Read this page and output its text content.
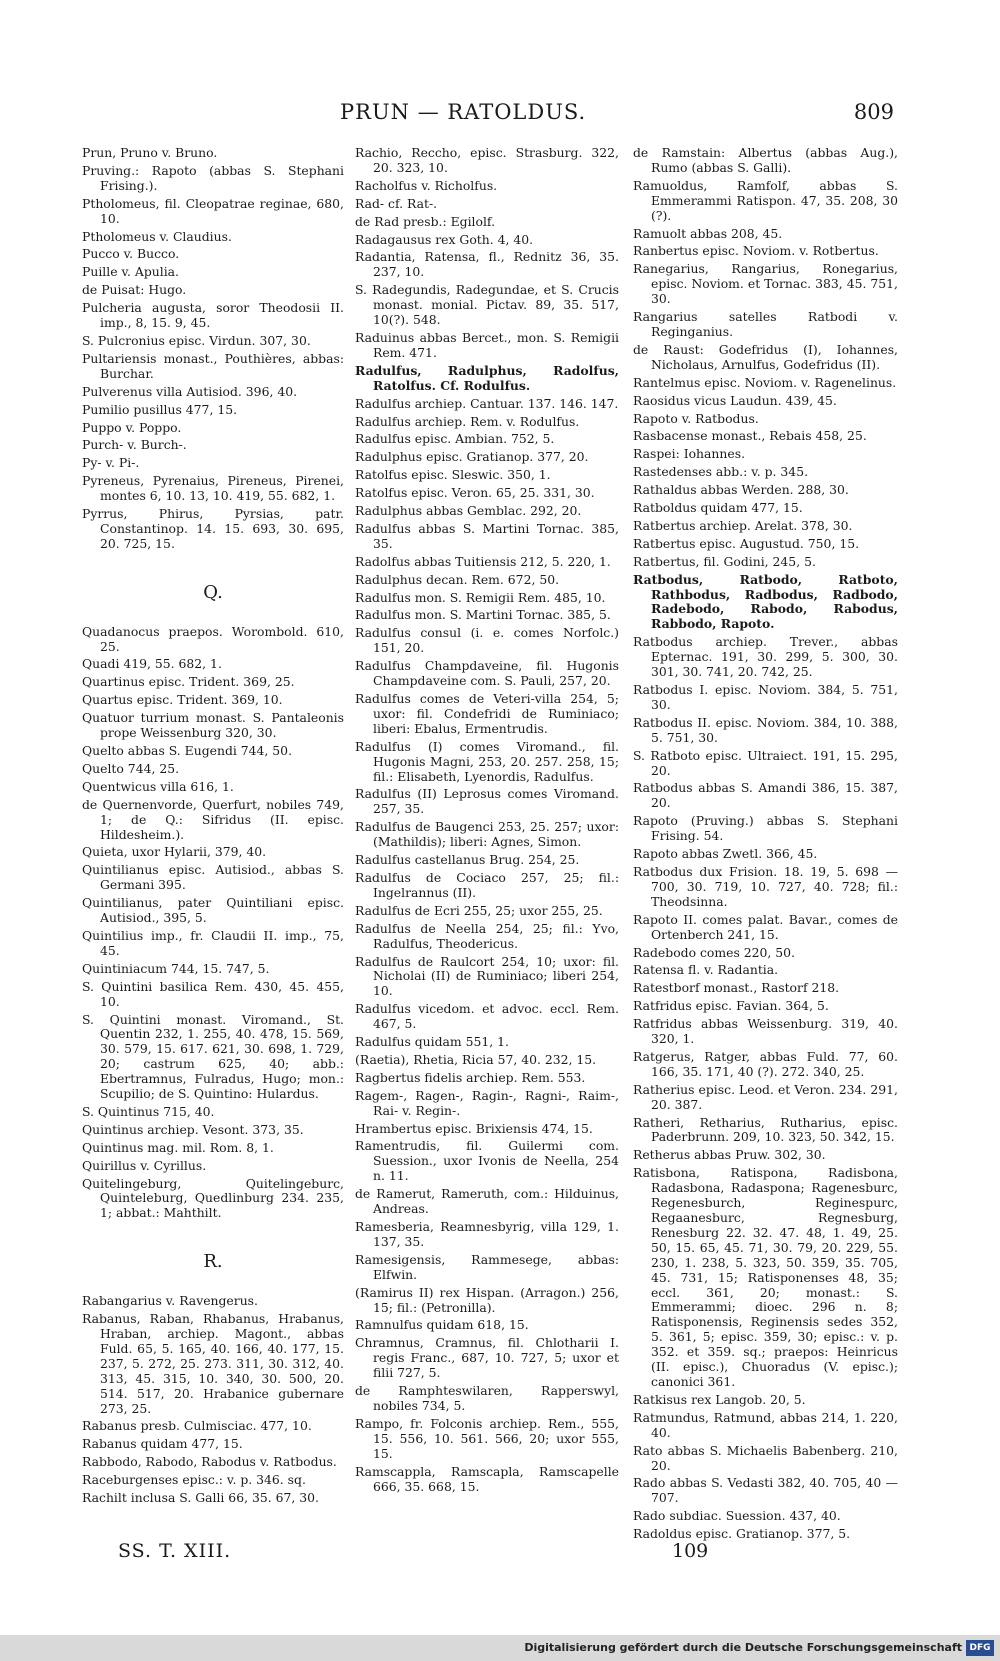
PRUN — RATOLDUS.	809

Prun, Pruno v. Bruno.

Pruving.: Rapoto (abbas S. Stephani Frising.).

Ptholomeus, fil. Cleopatrae reginae, 680, 10.

Ptholomeus v. Claudius.

Pucco v. Bucco.

Puille v. Apulia.

de Puisat: Hugo.

Pulcheria augusta, soror Theodosii II. imp., 8, 15. 9, 45.

S. Pulcronius episc. Virdun. 307, 30.

Pultariensis monast., Pouthières, abbas: Burchar.

Pulverenus villa Autisiod. 396, 40.

Pumilio pusillus 477, 15.

Puppo v. Poppo.

Purch- v. Burch-.

Py- v. Pi-.

Pyreneus, Pyrenaius, Pireneus, Pirenei, montes 6, 10. 13, 10. 419, 55. 682, 1.

Pyrrus, Phirus, Pyrsias, patr. Constantinop. 14. 15. 693, 30. 695, 20. 725, 15.

Q.

Quadanocus praepos. Worombold. 610, 25.

Quadi 419, 55. 682, 1.

Quartinus episc. Trident. 369, 25.

Quartus episc. Trident. 369, 10.

Quatuor turrium monast. S. Pantaleonis prope Weissenburg 320, 30.

Quelto abbas S. Eugendi 744, 50.

Quelto 744, 25.

Quentwicus villa 616, 1.

de Quernenvorde, Querfurt, nobiles 749, 1; de Q.: Sifridus (II. episc. Hildesheim.).

Quieta, uxor Hylarii, 379, 40.

Quintilianus episc. Autisiod., abbas S. Germani 395.

Quintilianus, pater Quintiliani episc. Autisiod., 395, 5.

Quintilius imp., fr. Claudii II. imp., 75, 45.

Quintiniacum 744, 15. 747, 5.

S. Quintini basilica Rem. 430, 45. 455, 10.

S. Quintini monast. Viromand., St. Quentin 232, 1. 255, 40. 478, 15. 569, 30. 579, 15. 617. 621, 30. 698, 1. 729, 20; castrum 625, 40; abb.: Ebertramnus, Fulradus, Hugo; mon.: Scupilio; de S. Quintino: Hulardus.

S. Quintinus 715, 40.

Quintinus archiep. Vesont. 373, 35.

Quintinus mag. mil. Rom. 8, 1.

Quirillus v. Cyrillus.

Quitelingeburg, Quitelingeburc, Quinteleburg, Quedlinburg 234. 235, 1; abbat.: Mahthilt.

R.

Rabangarius v. Ravengerus.

Rabanus, Raban, Rhabanus, Hrabanus, Hraban, archiep. Magont., abbas Fuld. 65, 5. 165, 40. 166, 40. 177, 15. 237, 5. 272, 25. 273. 311, 30. 312, 40. 313, 45. 315, 10. 340, 30. 500, 20. 514. 517, 20. Hrabanice gubernare 273, 25.

Rabanus presb. Culmisciac. 477, 10.

Rabanus quidam 477, 15.

Rabbodo, Rabodo, Rabodus v. Ratbodus.

Raceburgenses episc.: v. p. 346. sq.

Rachilt inclusa S. Galli 66, 35. 67, 30.

Rachio, Reccho, episc. Strasburg. 322, 20. 323, 10.

Racholfus v. Richolfus.

Rad- cf. Rat-.

de Rad presb.: Egilolf.

Radagausus rex Goth. 4, 40.

Radantia, Ratensa, fl., Rednitz 36, 35. 237, 10.

S. Radegundis, Radegundae, et S. Crucis monast. monial. Pictav. 89, 35. 517, 10(?). 548.

Raduinus abbas Bercet., mon. S. Remigii Rem. 471.

Radulfus, Radulphus, Radolfus, Ratolfus. Cf. Rodulfus.

Radulfus archiep. Cantuar. 137. 146. 147.

Radulfus archiep. Rem. v. Rodulfus.

Radulfus episc. Ambian. 752, 5.

Radulphus episc. Gratianop. 377, 20.

Ratolfus episc. Sleswic. 350, 1.

Ratolfus episc. Veron. 65, 25. 331, 30.

Radulphus abbas Gemblac. 292, 20.

Radulfus abbas S. Martini Tornac. 385, 35.

Radolfus abbas Tuitiensis 212, 5. 220, 1.

Radulphus decan. Rem. 672, 50.

Radulfus mon. S. Remigii Rem. 485, 10.

Radulfus mon. S. Martini Tornac. 385, 5.

Radulfus consul (i. e. comes Norfolc.) 151, 20.

Radulfus Champdaveine, fil. Hugonis Champdaveine com. S. Pauli, 257, 20.

Radulfus comes de Veteri-villa 254, 5; uxor: fil. Condefridi de Ruminiaco; liberi: Ebalus, Ermentrudis.

Radulfus (I) comes Viromand., fil. Hugonis Magni, 253, 20. 257. 258, 15; fil.: Elisabeth, Lyenordis, Radulfus.

Radulfus (II) Leprosus comes Viromand. 257, 35.

Radulfus de Baugenci 253, 25. 257; uxor: (Mathildis); liberi: Agnes, Simon.

Radulfus castellanus Brug. 254, 25.

Radulfus de Cociaco 257, 25; fil.: Ingelrannus (II).

Radulfus de Ecri 255, 25; uxor 255, 25.

Radulfus de Neella 254, 25; fil.: Yvo, Radulfus, Theodericus.

Radulfus de Raulcort 254, 10; uxor: fil. Nicholai (II) de Ruminiaco; liberi 254, 10.

Radulfus vicedom. et advoc. eccl. Rem. 467, 5.

Radulfus quidam 551, 1.

(Raetia), Rhetia, Ricia 57, 40. 232, 15.

Ragbertus fidelis archiep. Rem. 553.

Ragem-, Ragen-, Ragin-, Ragni-, Raim-, Rai- v. Regin-.

Hrambertus episc. Brixiensis 474, 15.

Ramentrudis, fil. Guilermi com. Suession., uxor Ivonis de Neella, 254 n. 11.

de Ramerut, Rameruth, com.: Hilduinus, Andreas.

Ramesberia, Reamnesbyrig, villa 129, 1. 137, 35.

Ramesigensis, Rammesege, abbas: Elfwin.

(Ramirus II) rex Hispan. (Arragon.) 256, 15; fil.: (Petronilla).

Ramnulfus quidam 618, 15.

Chramnus, Cramnus, fil. Chlotharii I. regis Franc., 687, 10. 727, 5; uxor et filii 727, 5.

de Ramphteswilaren, Rapperswyl, nobiles 734, 5.

Rampo, fr. Folconis archiep. Rem., 555, 15. 556, 10. 561. 566, 20; uxor 555, 15.

Ramscappla, Ramscapla, Ramscapelle 666, 35. 668, 15.

de Ramstain: Albertus (abbas Aug.), Rumo (abbas S. Galli).

Ramuoldus, Ramfolf, abbas S. Emmerammi Ratispon. 47, 35. 208, 30 (?).

Ramuolt abbas 208, 45.

Ranbertus episc. Noviom. v. Rotbertus.

Ranegarius, Rangarius, Ronegarius, episc. Noviom. et Tornac. 383, 45. 751, 30.

Rangarius satelles Ratbodi v. Reginganius.

de Raust: Godefridus (I), Iohannes, Nicholaus, Arnulfus, Godefridus (II).

Rantelmus episc. Noviom. v. Ragenelinus.

Raosidus vicus Laudun. 439, 45.

Rapoto v. Ratbodus.

Rasbacense monast., Rebais 458, 25.

Raspei: Iohannes.

Rastedenses abb.: v. p. 345.

Rathaldus abbas Werden. 288, 30.

Ratboldus quidam 477, 15.

Ratbertus archiep. Arelat. 378, 30.

Ratbertus episc. Augustud. 750, 15.

Ratbertus, fil. Godini, 245, 5.

Ratbodus, Ratbodo, Ratboto, Rathbodus, Radbodus, Radbodo, Radebodo, Rabodo, Rabodus, Rabbodo, Rapoto.

Ratbodus archiep. Trever., abbas Epternac. 191, 30. 299, 5. 300, 30. 301, 30. 741, 20. 742, 25.

Ratbodus I. episc. Noviom. 384, 5. 751, 30.

Ratbodus II. episc. Noviom. 384, 10. 388, 5. 751, 30.

S. Ratboto episc. Ultraiect. 191, 15. 295, 20.

Ratbodus abbas S. Amandi 386, 15. 387, 20.

Rapoto (Pruving.) abbas S. Stephani Frising. 54.

Rapoto abbas Zwetl. 366, 45.

Ratbodus dux Frision. 18. 19, 5. 698 —700, 30. 719, 10. 727, 40. 728; fil.: Theodsinna.

Rapoto II. comes palat. Bavar., comes de Ortenberch 241, 15.

Radebodo comes 220, 50.

Ratensa fl. v. Radantia.

Ratestborf monast., Rastorf 218.

Ratfridus episc. Favian. 364, 5.

Ratfridus abbas Weissenburg. 319, 40. 320, 1.

Ratgerus, Ratger, abbas Fuld. 77, 60. 166, 35. 171, 40 (?). 272. 340, 25.

Ratherius episc. Leod. et Veron. 234. 291, 20. 387.

Ratheri, Retharius, Rutharius, episc. Paderbrunn. 209, 10. 323, 50. 342, 15.

Retherus abbas Pruw. 302, 30.

Ratisbona, Ratispona, Radisbona, Radasbona, Radaspona; Ragenesburc, Regenesburch, Reginespurc, Regaanesburc, Regnesburg, Renesburg 22. 32. 47. 48, 1. 49, 25. 50, 15. 65, 45. 71, 30. 79, 20. 229, 55. 230, 1. 238, 5. 323, 50. 359, 35. 705, 45. 731, 15; Ratisponenses 48, 35; eccl. 361, 20; monast.: S. Emmerammi; dioec. 296 n. 8; Ratisponensis, Reginensis sedes 352, 5. 361, 5; episc. 359, 30; episc.: v. p. 352. et 359. sq.; praepos: Heinricus (II. episc.), Chuoradus (V. episc.); canonici 361.

Ratkisus rex Langob. 20, 5.

Ratmundus, Ratmund, abbas 214, 1. 220, 40.

Rato abbas S. Michaelis Babenberg. 210, 20.

Rado abbas S. Vedasti 382, 40. 705, 40 —707.

Rado subdiac. Suession. 437, 40.

Radoldus episc. Gratianop. 377, 5.

SS. T. XIII.	109
Digitalisierung gefördert durch die Deutsche Forschungsgemeinschaft DFG
